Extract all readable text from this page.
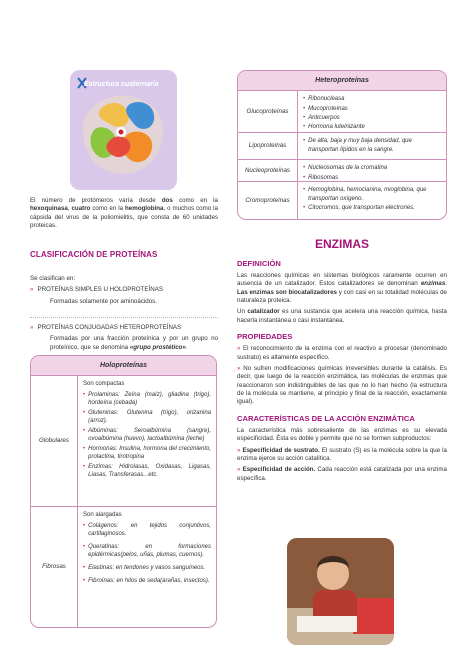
Estructura cuaternaria
El número de protómeros varía desde dos como en la hexoquinasa, cuatro como en la hemoglobina, o muchos como la cápsida del virus de la poliomielitis, que consta de 60 unidades proteicas.
CLASIFICACIÓN DE PROTEÍNAS
Se clasifican en:
» PROTEÍNAS SIMPLES U HOLOPROTEÍNAS
Formadas solamente por aminoácidos.
» PROTEÍNAS CONJUGADAS HETEROPROTEÍNAS
Formadas por una fracción proteínica y por un grupo no proteínico, que se denomina «grupo prostético».
Holoproteínas
Globulares
Son compactas
• Prolaminas: Zeína (maíz), gliadina (trigo), hordeína (cebada)
• Gluteninas: Glutenina (trigo), orizanina (arroz).
• Albúminas: Seroalbúmina (sangre), ovoalbúmina (huevo), lactoalbúmina (leche)
• Hormonas: Insulina, hormona del crecimiento, prolactina, tirotropina
• Enzimas: Hidrolasas, Oxidasas, Ligasas, Liasas, Transferasas...etc.
Fibrosas
Son alargadas
• Colágenos: en tejidos conjuntivos, cartilaginosos.
• Queratinas: en formaciones epidérmicas(pelos, uñas, plumas, cuernos).
• Elastinas: en tendones y vasos sanguíneos.
• Fibroínas: en hilos de seda(arañas, insectos).
Heteroproteínas
Glucoproteínas
• Ribonucleasa
• Mucoproteínas
• Anticuerpos
• Hormona luteinizante
Lipoproteínas
• De alta, baja y muy baja densidad, que transportan lípidos en la sangre.
Nucleoproteínas	• Nucleosomas de la cromatina
• Ribosomas
Cromoproteínas
• Hemoglobina, hemocianina, mioglobina, que transportan oxígeno.
• Citocromos, que transportan electrones.
ENZIMAS
DEFINICIÓN
Las reacciones químicas en sistemas biológicos raramente ocurren en ausencia de un catalizador. Estos catalizadores se denominan enzimas. Las enzimas son biocatalizadores y con casi en su totalidad moléculas de naturaleza proteica.
Un catalizador es una sustancia que acelera una reacción química, hasta hacerla instantánea o casi instantánea.
PROPIEDADES
» El reconocimiento de la enzima con el reactivo a procesar (denominado sustrato) es altamente específico.
» No sufren modificaciones químicas irreversibles durante la catálisis. Es decir, que luego de la reacción enzimática, las moléculas de enzimas que reaccionaron son indistinguibles de las que no lo han hecho (la estructura de la molécula se mantiene, al principio y final de la reacción, exactamente igual).
CARACTERÍSTICAS DE LA ACCIÓN ENZIMÁTICA
La característica más sobresaliente de las enzimas es su elevada especificidad. Ésta es doble y permite que no se formen subproductos:
» Especificidad de sustrato. El sustrato (S) es la molécula sobre la que la enzima ejerce su acción catalítica.
» Especificidad de acción. Cada reacción está catalizada por una enzima específica.
